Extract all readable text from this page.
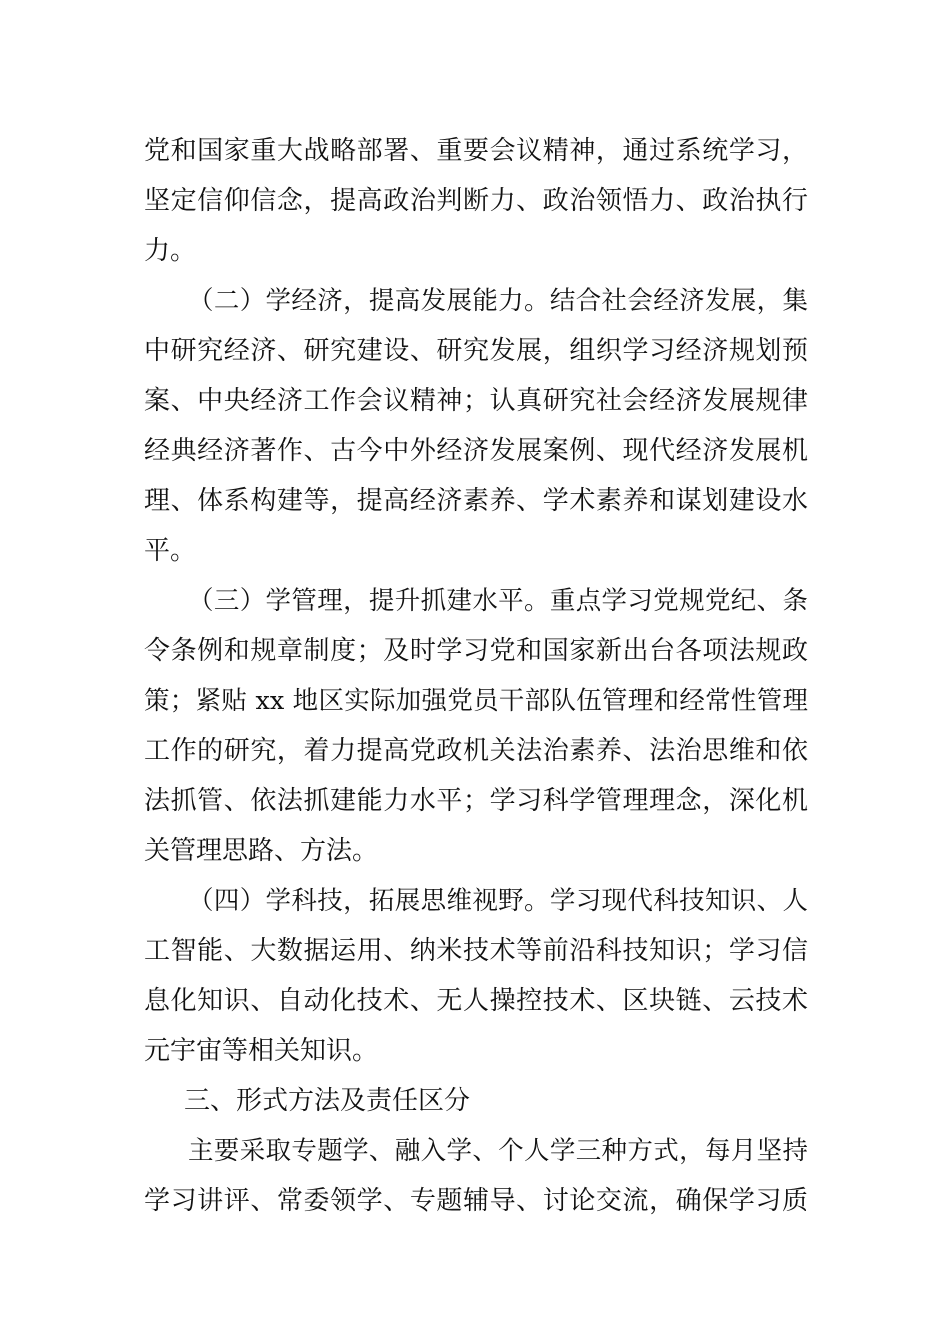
党和国家重大战略部署、重要会议精神，通过系统学习，
坚定信仰信念，提高政治判断力、政治领悟力、政治执行
力。
（二）学经济，提高发展能力。结合社会经济发展，集
中研究经济、研究建设、研究发展，组织学习经济规划预
案、中央经济工作会议精神；认真研究社会经济发展规律
经典经济著作、古今中外经济发展案例、现代经济发展机
理、体系构建等，提高经济素养、学术素养和谋划建设水
平。
（三）学管理，提升抓建水平。重点学习党规党纪、条
令条例和规章制度；及时学习党和国家新出台各项法规政
策；紧贴 xx 地区实际加强党员干部队伍管理和经常性管理
工作的研究，着力提高党政机关法治素养、法治思维和依
法抓管、依法抓建能力水平；学习科学管理理念，深化机
关管理思路、方法。
（四）学科技，拓展思维视野。学习现代科技知识、人
工智能、大数据运用、纳米技术等前沿科技知识；学习信
息化知识、自动化技术、无人操控技术、区块链、云技术
元宇宙等相关知识。
三、形式方法及责任区分
主要采取专题学、融入学、个人学三种方式，每月坚持
学习讲评、常委领学、专题辅导、讨论交流，确保学习质
